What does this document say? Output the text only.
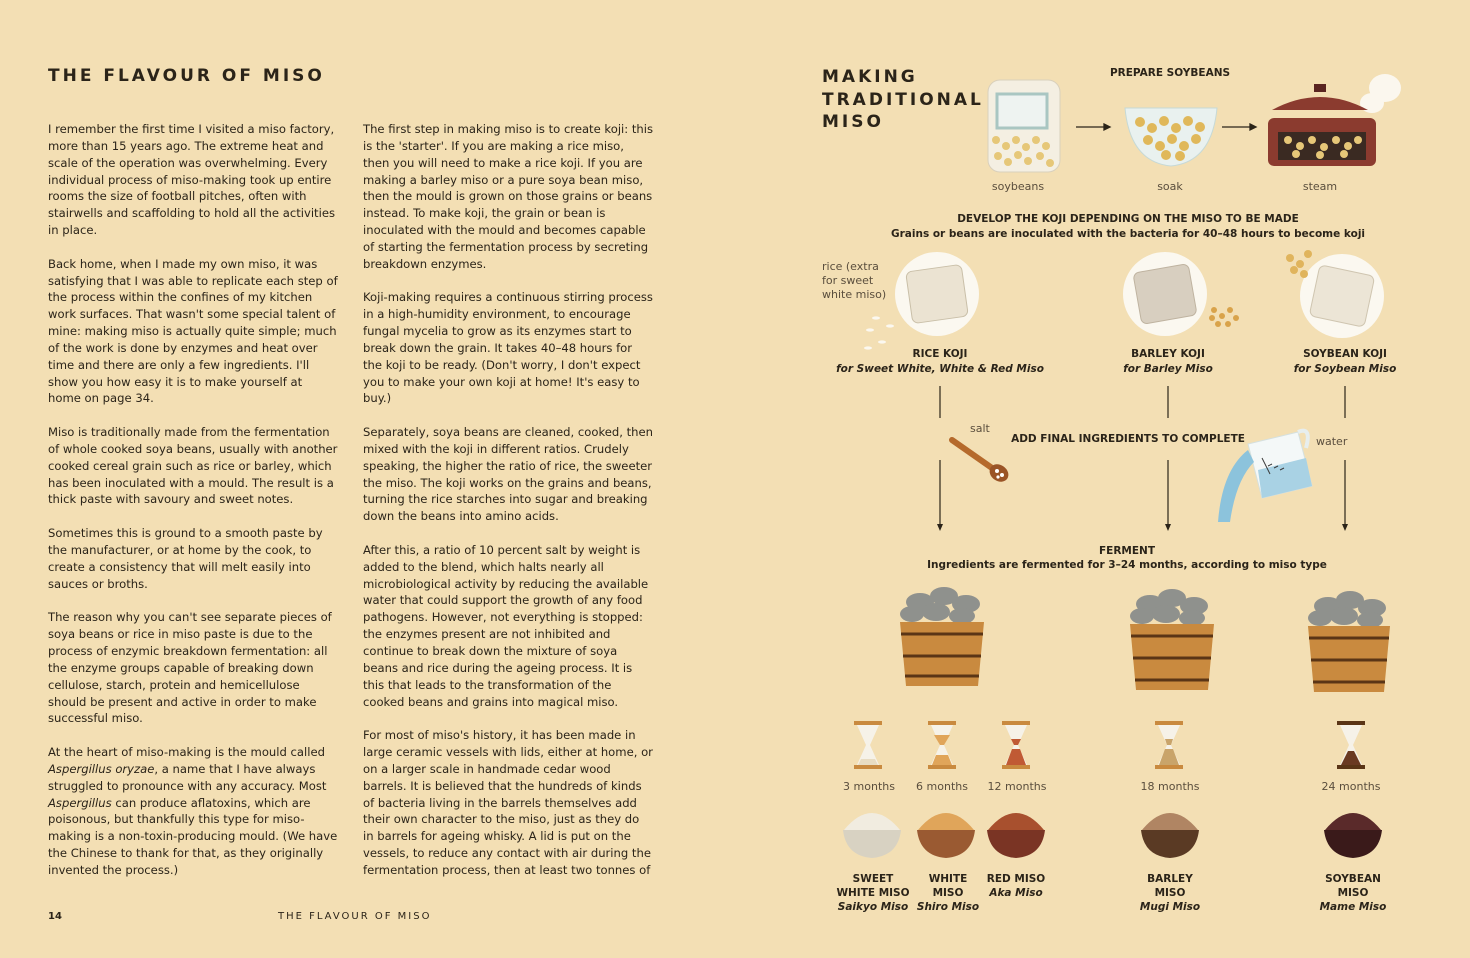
THE FLAVOUR OF MISO

I remember the first time I visited a miso factory, more than 15 years ago. The extreme heat and scale of the operation was overwhelming. Every individual process of miso-making took up entire rooms the size of football pitches, often with stairwells and scaffolding to hold all the activities in place.

Back home, when I made my own miso, it was satisfying that I was able to replicate each step of the process within the confines of my kitchen work surfaces. That wasn't some special talent of mine: making miso is actually quite simple; much of the work is done by enzymes and heat over time and there are only a few ingredients. I'll show you how easy it is to make yourself at home on page 34.

Miso is traditionally made from the fermentation of whole cooked soya beans, usually with another cooked cereal grain such as rice or barley, which has been inoculated with a mould. The result is a thick paste with savoury and sweet notes.

Sometimes this is ground to a smooth paste by the manufacturer, or at home by the cook, to create a consistency that will melt easily into sauces or broths.

The reason why you can't see separate pieces of soya beans or rice in miso paste is due to the process of enzymic breakdown fermentation: all the enzyme groups capable of breaking down cellulose, starch, protein and hemicellulose should be present and active in order to make successful miso.

At the heart of miso-making is the mould called Aspergillus oryzae, a name that I have always struggled to pronounce with any accuracy. Most Aspergillus can produce aflatoxins, which are poisonous, but thankfully this type for miso-making is a non-toxin-producing mould. (We have the Chinese to thank for that, as they originally invented the process.)

The first step in making miso is to create koji: this is the 'starter'. If you are making a rice miso, then you will need to make a rice koji. If you are making a barley miso or a pure soya bean miso, then the mould is grown on those grains or beans instead. To make koji, the grain or bean is inoculated with the mould and becomes capable of starting the fermentation process by secreting breakdown enzymes.

Koji-making requires a continuous stirring process in a high-humidity environment, to encourage fungal mycelia to grow as its enzymes start to break down the grain. It takes 40–48 hours for the koji to be ready. (Don't worry, I don't expect you to make your own koji at home! It's easy to buy.)

Separately, soya beans are cleaned, cooked, then mixed with the koji in different ratios. Crudely speaking, the higher the ratio of rice, the sweeter the miso. The koji works on the grains and beans, turning the rice starches into sugar and breaking down the beans into amino acids.

After this, a ratio of 10 percent salt by weight is added to the blend, which halts nearly all microbiological activity by reducing the available water that could support the growth of any food pathogens. However, not everything is stopped: the enzymes present are not inhibited and continue to break down the mixture of soya beans and rice during the ageing process. It is this that leads to the transformation of the cooked beans and grains into magical miso.

For most of miso's history, it has been made in large ceramic vessels with lids, either at home, or on a larger scale in handmade cedar wood barrels. It is believed that the hundreds of kinds of bacteria living in the barrels themselves add their own character to the miso, just as they do in barrels for ageing whisky. A lid is put on the vessels, to reduce any contact with air during the fermentation process, then at least two tonnes of

14	THE FLAVOUR OF MISO
MAKING
TRADITIONAL
MISO
PREPARE SOYBEANS
soybeans	soak	steam
DEVELOP THE KOJI DEPENDING ON THE MISO TO BE MADE
Grains or beans are inoculated with the bacteria for 40–48 hours to become koji
rice (extra
for sweet
white miso)
RICE KOJI
for Sweet White, White & Red Miso
BARLEY KOJI
for Barley Miso
SOYBEAN KOJI
for Soybean Miso
salt
ADD FINAL INGREDIENTS TO COMPLETE	water
FERMENT
Ingredients are fermented for 3–24 months, according to miso type
3 months	6 months	12 months	18 months	24 months
SWEET
WHITE MISO
Saikyo Miso
WHITE
MISO
Shiro Miso
RED MISO
Aka Miso
BARLEY
MISO
Mugi Miso
SOYBEAN
MISO
Mame Miso
